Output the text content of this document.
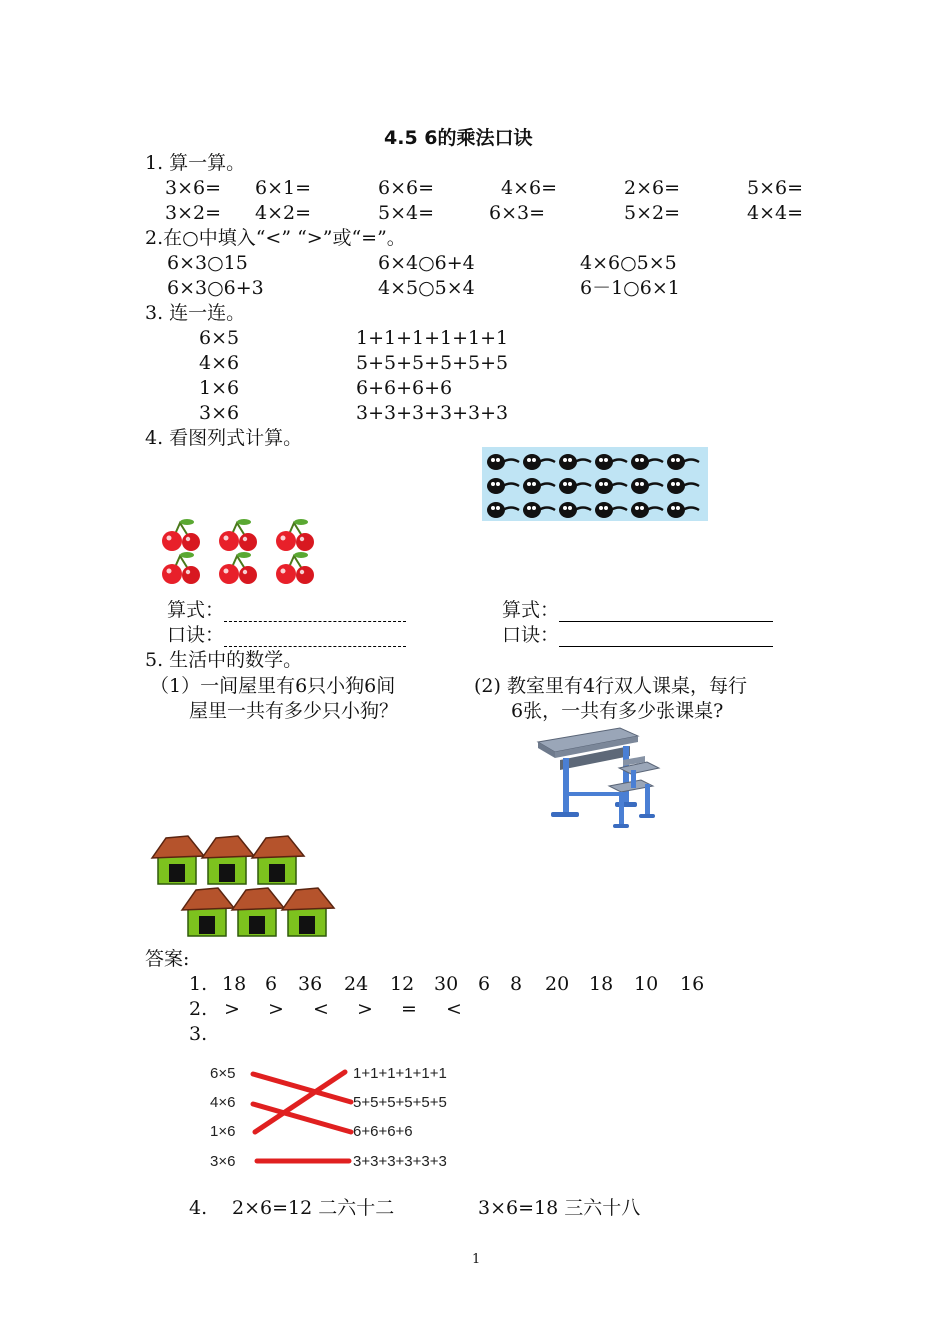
4.5 6的乘法口诀
1. 算一算。
3×6= 6×1=	6×6=	4×6=	2×6=	5×6=
3×2= 4×2=	5×4=	6×3=	5×2=	4×4=
2.在○中填入“<” “>”或“=”。
6×3○15	6×4○6+4	4×6○5×5
6×3○6+3	4×5○5×4	6－1○6×1
3. 连一连。
6×5
4×6
1×6
3×6
1+1+1+1+1+1
5+5+5+5+5+5
6+6+6+6
3+3+3+3+3+3
4. 看图列式计算。
算式：
口诀：
算式：
口诀：
5. 生活中的数学。
（1）一间屋里有6只小狗6间
屋里一共有多少只小狗？
(2) 教室里有4行双人课桌，每行
6张，一共有多少张课桌?
答案:
1. 18 6 36 24 12 30 6 8 20 18 10 16
2. > > < > = <
3.
6×5
4×6
1×6
3×6
1+1+1+1+1+1
5+5+5+5+5+5
6+6+6+6
3+3+3+3+3+3
4. 2×6=12 二六十二	3×6=18 三六十八
1
